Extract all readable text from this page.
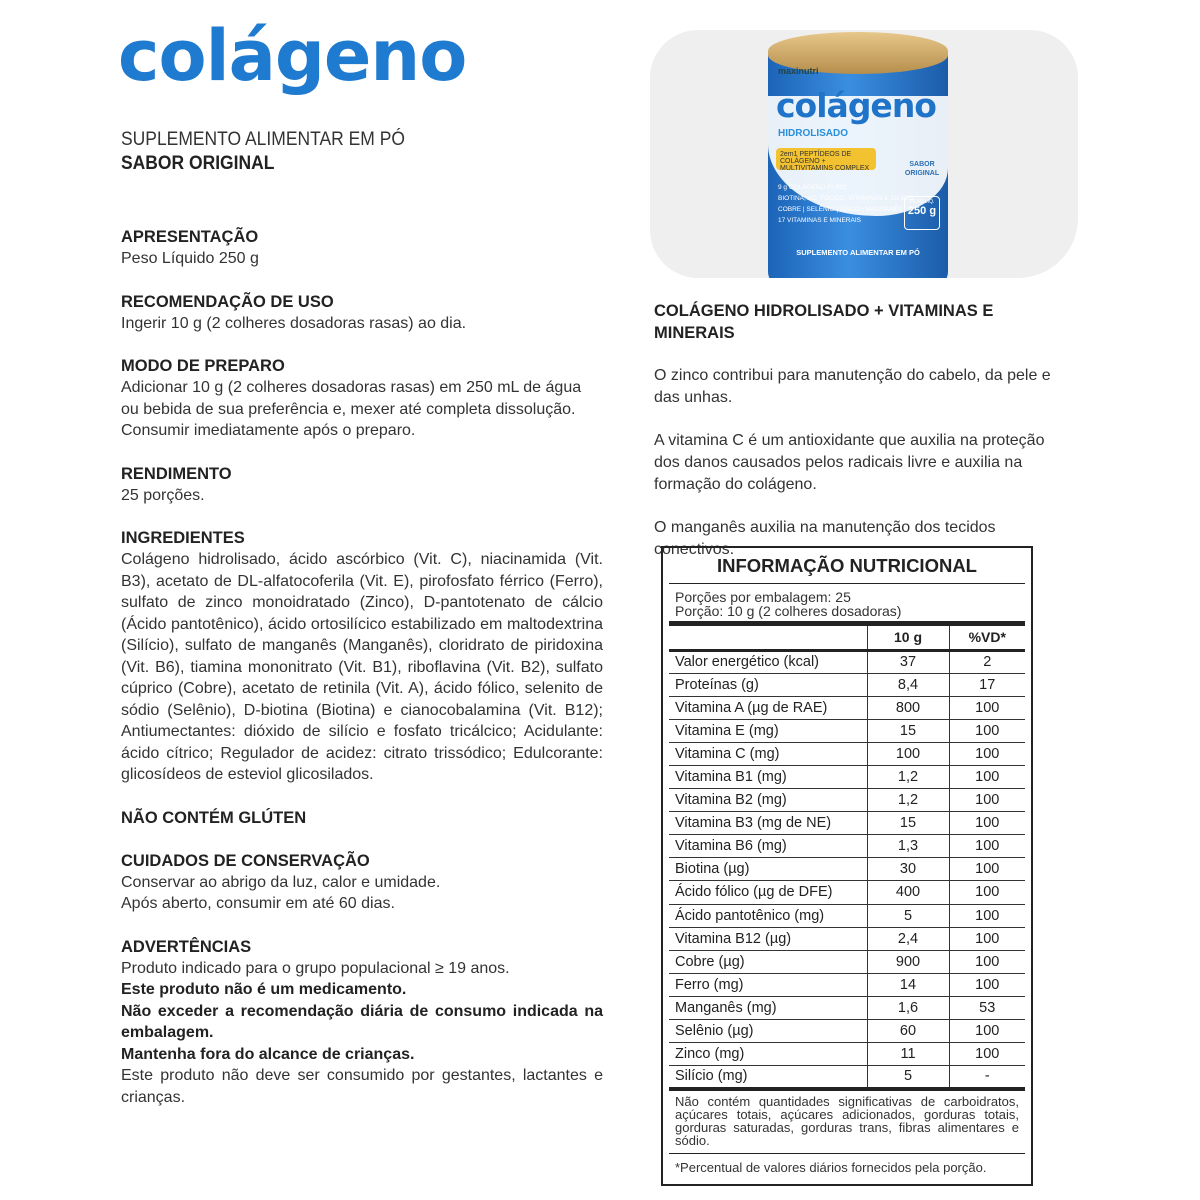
colágeno
SUPLEMENTO ALIMENTAR EM PÓ
SABOR ORIGINAL
APRESENTAÇÃO
Peso Líquido 250 g
RECOMENDAÇÃO DE USO
Ingerir 10 g (2 colheres dosadoras rasas) ao dia.
MODO DE PREPARO
Adicionar 10 g (2 colheres dosadoras rasas) em 250 mL de água ou bebida de sua preferência e, mexer até completa dissolução.
Consumir imediatamente após o preparo.
RENDIMENTO
25 porções.
INGREDIENTES
Colágeno hidrolisado, ácido ascórbico (Vit. C), niacinamida (Vit. B3), acetato de DL-alfatocoferila (Vit. E), pirofosfato férrico (Ferro), sulfato de zinco monoidratado (Zinco), D-pantotenato de cálcio (Ácido pantotênico), ácido ortosilícico estabilizado em maltodextrina (Silício), sulfato de manganês (Manganês), cloridrato de piridoxina (Vit. B6), tiamina mononitrato (Vit. B1), riboflavina (Vit. B2), sulfato cúprico (Cobre), acetato de retinila (Vit. A), ácido fólico, selenito de sódio (Selênio), D-biotina (Biotina) e cianocobalamina (Vit. B12); Antiumectantes: dióxido de silício e fosfato tricálcico; Acidulante: ácido cítrico; Regulador de acidez: citrato trissódico; Edulcorante: glicosídeos de esteviol glicosilados.
NÃO CONTÉM GLÚTEN
CUIDADOS DE CONSERVAÇÃO
Conservar ao abrigo da luz, calor e umidade.
Após aberto, consumir em até 60 dias.
ADVERTÊNCIAS
Produto indicado para o grupo populacional ≥ 19 anos.
Este produto não é um medicamento.
Não exceder a recomendação diária de consumo indicada na embalagem.
Mantenha fora do alcance de crianças.
Este produto não deve ser consumido por gestantes, lactantes e crianças.
maxinutri
colágeno
HIDROLISADO
2em1 PEPTÍDEOS DE COLÁGENO + MULTIVITAMINS COMPLEX
SABOR ORIGINAL
9 g COLÁGENO PURO
BIOTINA, ÁC. FÓLICO, VITAMINAS E SILÍCIO
COBRE | SELÊNIO | ZINCO | MANGANÊS
17 VITAMINAS E MINERAIS
PESO LÍQ.
250 g
SUPLEMENTO ALIMENTAR EM PÓ
COLÁGENO HIDROLISADO + VITAMINAS E MINERAIS
O zinco contribui para manutenção do cabelo, da pele e das unhas.
A vitamina C é um antioxidante que auxilia na proteção dos danos causados pelos radicais livre e auxilia na formação do colágeno.
O manganês auxilia na manutenção dos tecidos conectivos.
INFORMAÇÃO NUTRICIONAL
Porções por embalagem: 25
Porção: 10 g (2 colheres dosadoras)
	10 g	%VD*
Valor energético (kcal)	37	2
Proteínas (g)	8,4	17
Vitamina A (µg de RAE)	800	100
Vitamina E (mg)	15	100
Vitamina C (mg)	100	100
Vitamina B1 (mg)	1,2	100
Vitamina B2 (mg)	1,2	100
Vitamina B3 (mg de NE)	15	100
Vitamina B6 (mg)	1,3	100
Biotina (µg)	30	100
Ácido fólico (µg de DFE)	400	100
Ácido pantotênico (mg)	5	100
Vitamina B12 (µg)	2,4	100
Cobre (µg)	900	100
Ferro (mg)	14	100
Manganês (mg)	1,6	53
Selênio (µg)	60	100
Zinco (mg)	11	100
Silício (mg)	5	-
Não contém quantidades significativas de carboidratos, açúcares totais, açúcares adicionados, gorduras totais, gorduras saturadas, gorduras trans, fibras alimentares e sódio.
*Percentual de valores diários fornecidos pela porção.
